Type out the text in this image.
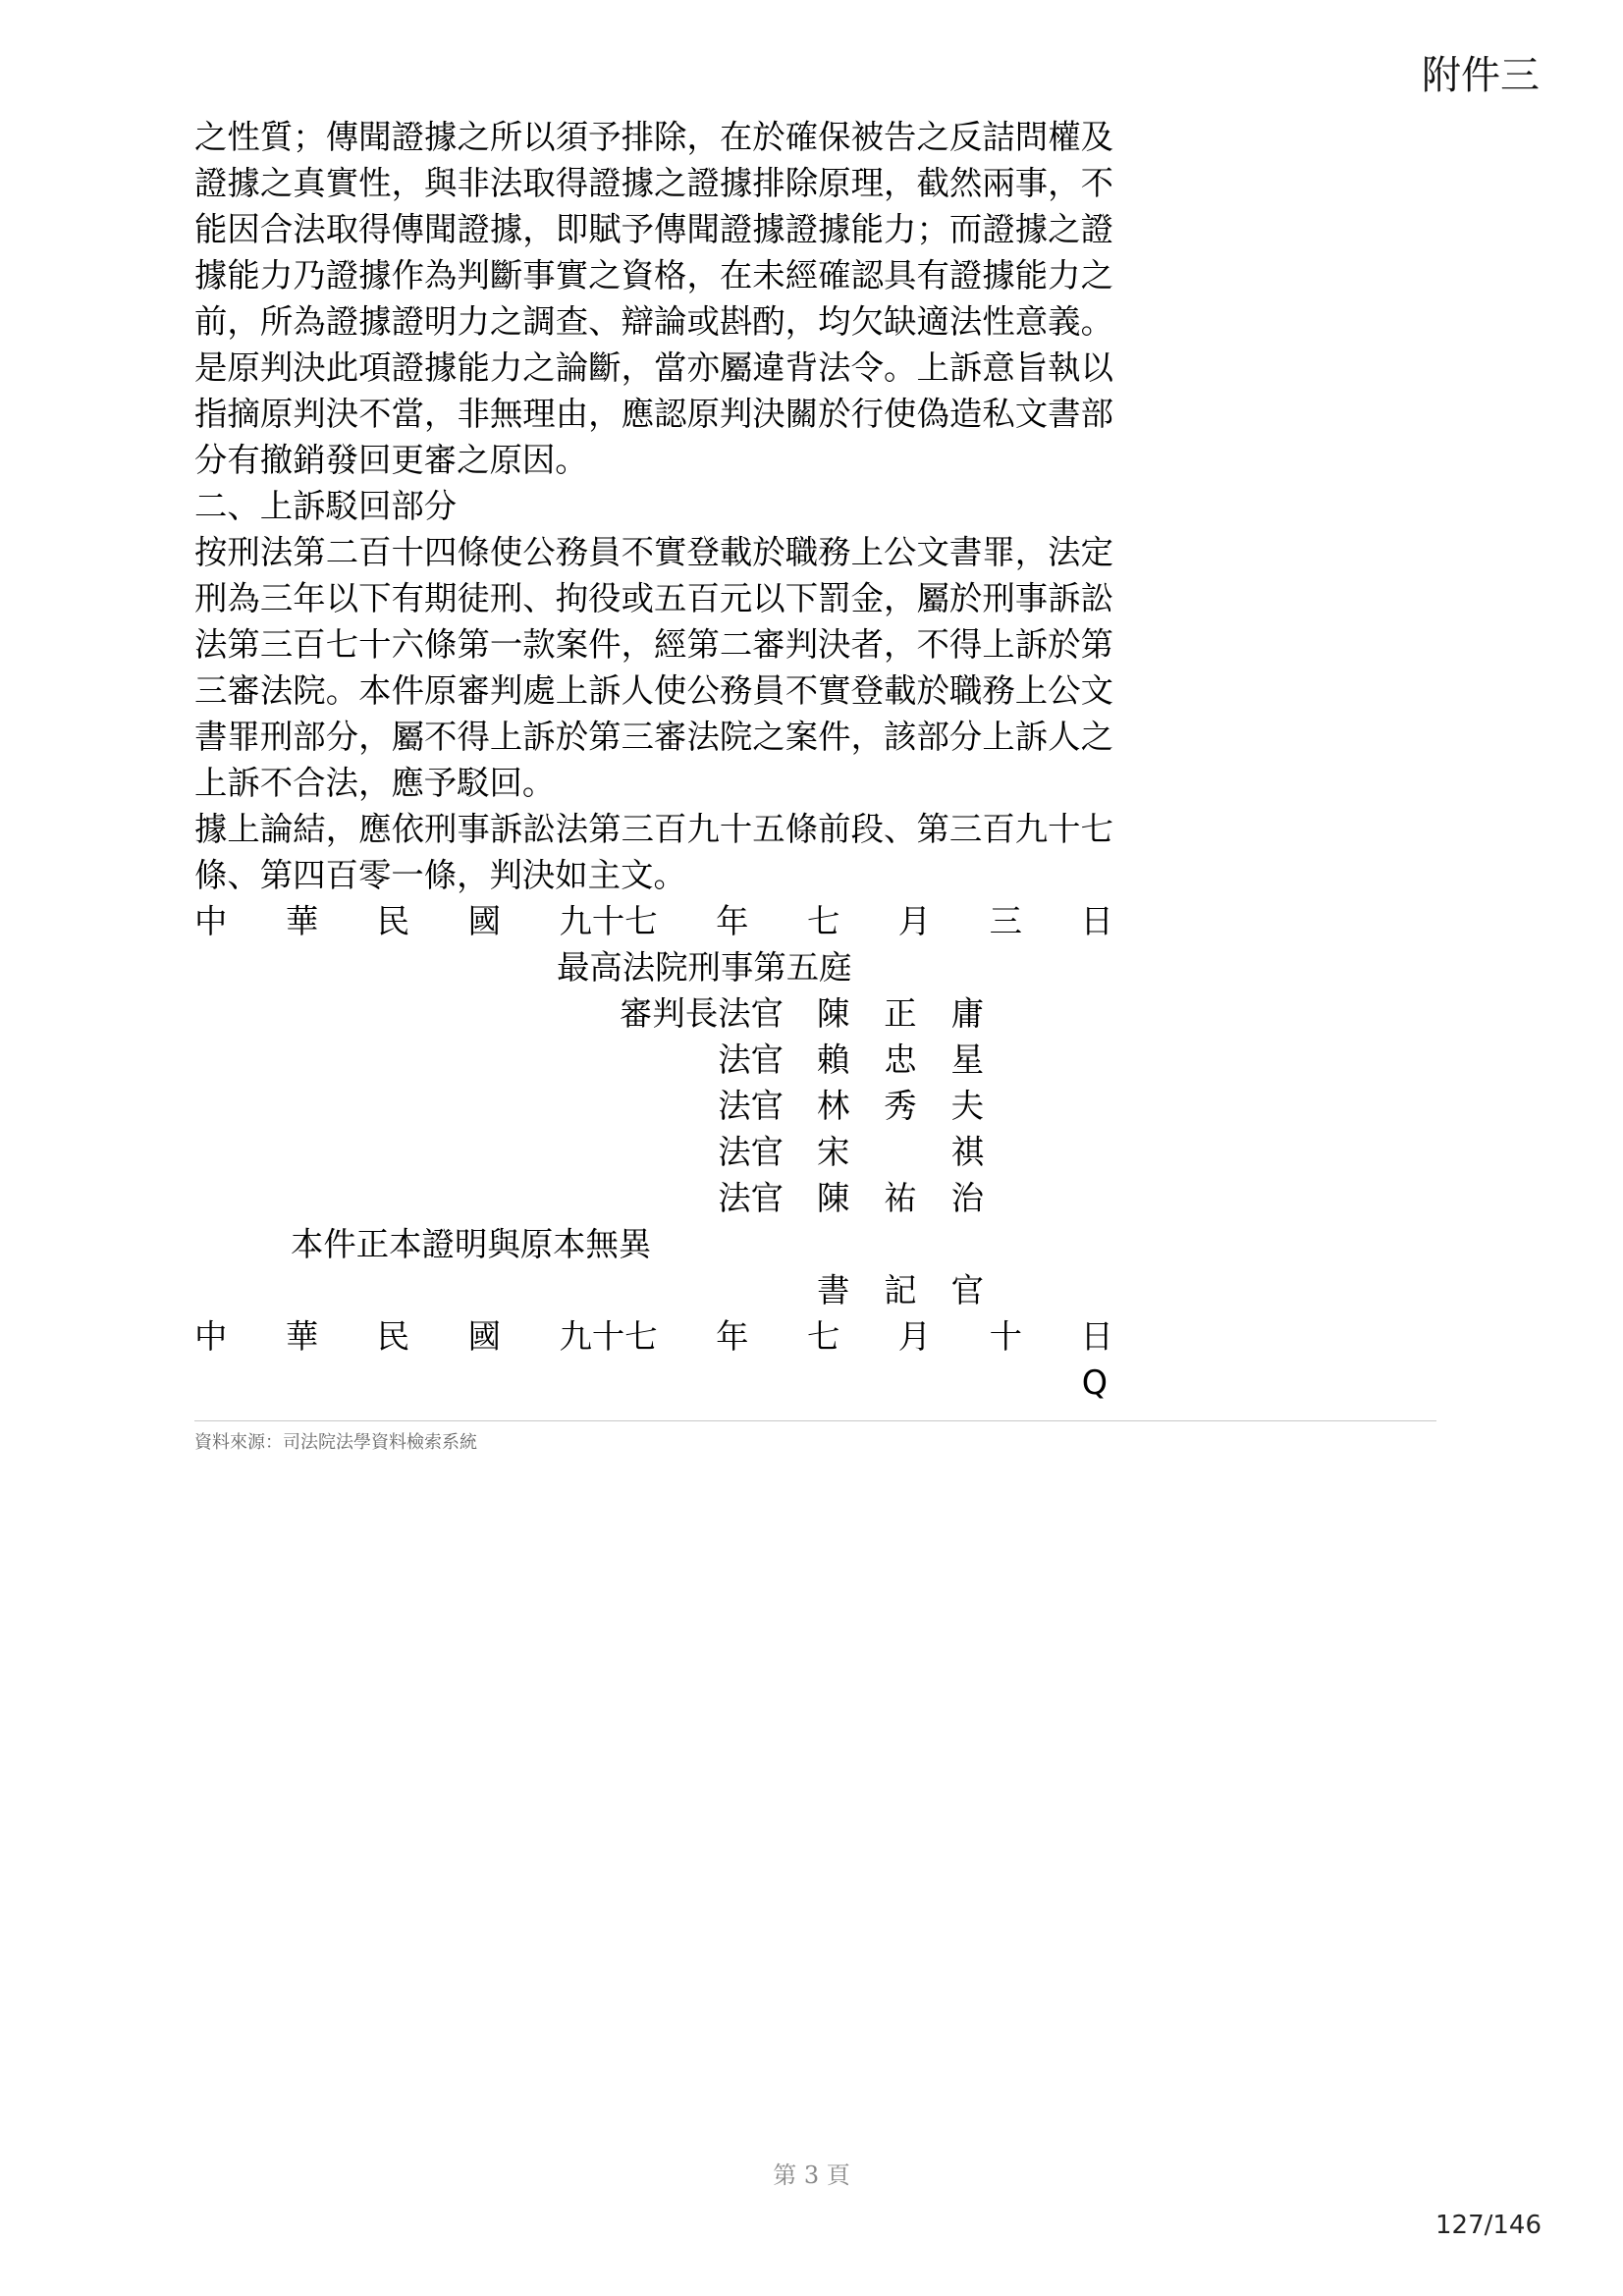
附件三
之性質；傳聞證據之所以須予排除，在於確保被告之反詰問權及
證據之真實性，與非法取得證據之證據排除原理，截然兩事，不
能因合法取得傳聞證據，即賦予傳聞證據證據能力；而證據之證
據能力乃證據作為判斷事實之資格，在未經確認具有證據能力之
前，所為證據證明力之調查、辯論或斟酌，均欠缺適法性意義。
是原判決此項證據能力之論斷，當亦屬違背法令。上訴意旨執以
指摘原判決不當，非無理由，應認原判決關於行使偽造私文書部
分有撤銷發回更審之原因。
二、上訴駁回部分
按刑法第二百十四條使公務員不實登載於職務上公文書罪，法定
刑為三年以下有期徒刑、拘役或五百元以下罰金，屬於刑事訴訟
法第三百七十六條第一款案件，經第二審判決者，不得上訴於第
三審法院。本件原審判處上訴人使公務員不實登載於職務上公文
書罪刑部分，屬不得上訴於第三審法院之案件，該部分上訴人之
上訴不合法，應予駁回。
據上論結，應依刑事訴訟法第三百九十五條前段、第三百九十七
條、第四百零一條，判決如主文。
中 華 民 國 九十七 年 七 月 三 日
最高法院刑事第五庭
審判長法官 陳 正 庸
法官 賴 忠 星
法官 林 秀 夫
法官 宋	祺
法官 陳 祐 治
本件正本證明與原本無異
書 記 官
中 華 民 國 九十七 年 七 月 十 日
Q
資料來源：司法院法學資料檢索系統
第 3 頁
127/146
